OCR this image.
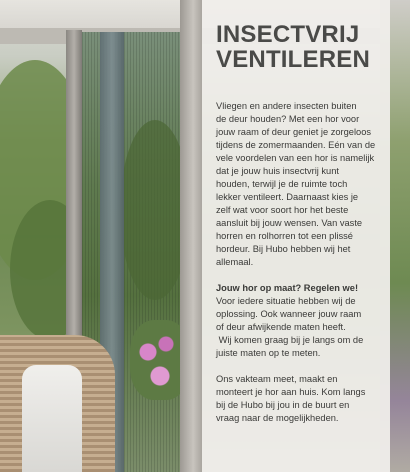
INSECTVRIJ
VENTILEREN

Vliegen en andere insecten buiten

de deur houden? Met een hor voor

jouw raam of deur geniet je zorgeloos

tijdens de zomermaanden. Eén van de

vele voordelen van een hor is namelijk

dat je jouw huis insectvrij kunt

houden, terwijl je de ruimte toch

lekker ventileert. Daarnaast kies je

zelf wat voor soort hor het beste

aansluit bij jouw wensen. Van vaste

horren en rolhorren tot een plissé

hordeur. Bij Hubo hebben wij het

allemaal.

Jouw hor op maat? Regelen we!

Voor iedere situatie hebben wij de

oplossing. Ook wanneer jouw raam

of deur afwijkende maten heeft.

Wij komen graag bij je langs om de

juiste maten op te meten.

Ons vakteam meet, maakt en

monteert je hor aan huis. Kom langs

bij de Hubo bij jou in de buurt en

vraag naar de mogelijkheden.
